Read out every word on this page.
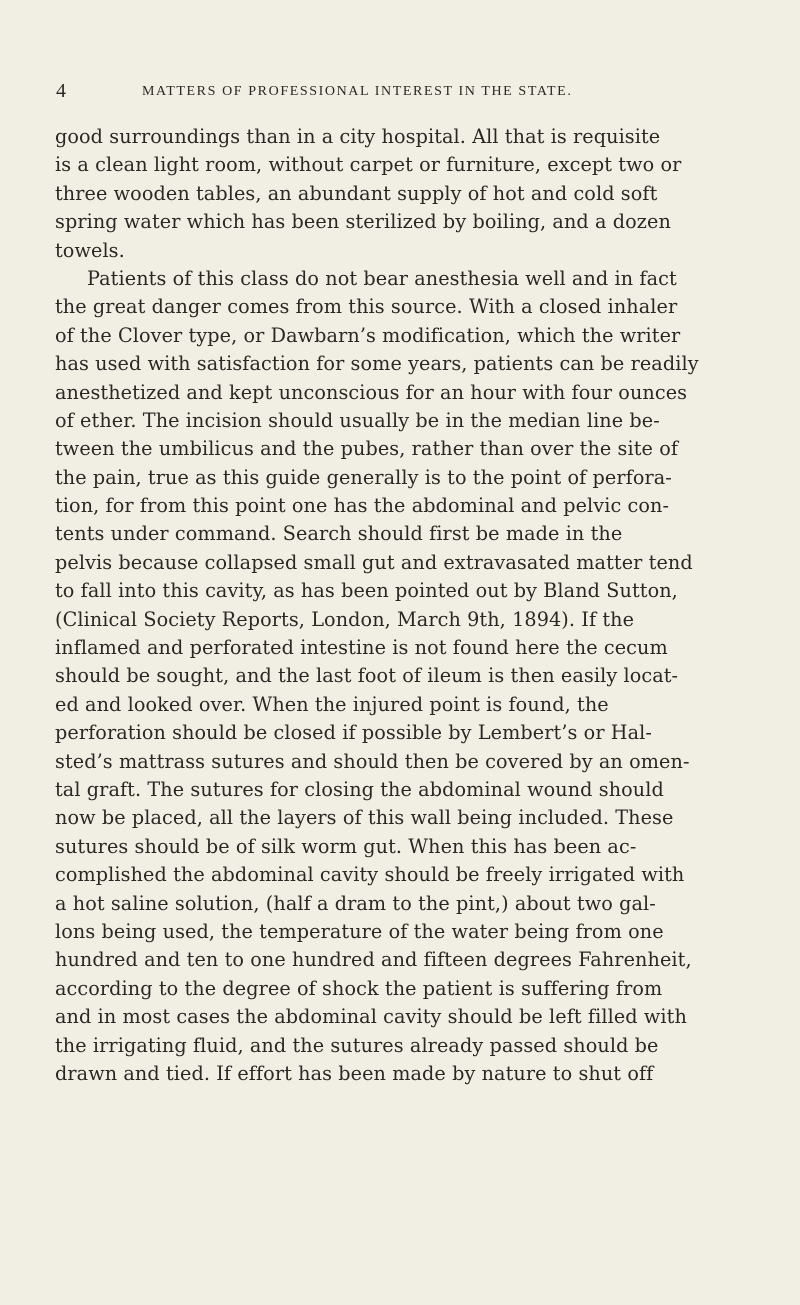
4	MATTERS OF PROFESSIONAL INTEREST IN THE STATE.
good surroundings than in a city hospital. All that is requisite
is a clean light room, without carpet or furniture, except two or
three wooden tables, an abundant supply of hot and cold soft
spring water which has been sterilized by boiling, and a dozen
towels.
Patients of this class do not bear anesthesia well and in fact
the great danger comes from this source. With a closed inhaler
of the Clover type, or Dawbarn’s modification, which the writer
has used with satisfaction for some years, patients can be readily
anesthetized and kept unconscious for an hour with four ounces
of ether. The incision should usually be in the median line be-
tween the umbilicus and the pubes, rather than over the site of
the pain, true as this guide generally is to the point of perfora-
tion, for from this point one has the abdominal and pelvic con-
tents under command. Search should first be made in the
pelvis because collapsed small gut and extravasated matter tend
to fall into this cavity, as has been pointed out by Bland Sutton,
(Clinical Society Reports, London, March 9th, 1894). If the
inflamed and perforated intestine is not found here the cecum
should be sought, and the last foot of ileum is then easily locat-
ed and looked over. When the injured point is found, the
perforation should be closed if possible by Lembert’s or Hal-
sted’s mattrass sutures and should then be covered by an omen-
tal graft. The sutures for closing the abdominal wound should
now be placed, all the layers of this wall being included. These
sutures should be of silk worm gut. When this has been ac-
complished the abdominal cavity should be freely irrigated with
a hot saline solution, (half a dram to the pint,) about two gal-
lons being used, the temperature of the water being from one
hundred and ten to one hundred and fifteen degrees Fahrenheit,
according to the degree of shock the patient is suffering from
and in most cases the abdominal cavity should be left filled with
the irrigating fluid, and the sutures already passed should be
drawn and tied. If effort has been made by nature to shut off
